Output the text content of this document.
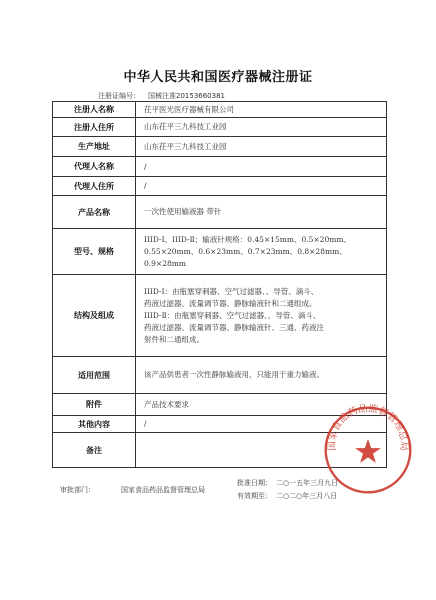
中华人民共和国医疗器械注册证
注册证编号： 国械注准20153660381
注册人名称	茌平医光医疗器械有限公司

注册人住所	山东茌平三九科技工业园

生产地址	山东茌平三九科技工业园

代理人名称	/

代理人住所	/

产品名称	一次性使用输液器 带针

型号、规格	IIID-Ⅰ、IIID-Ⅱ；输液针规格：0.45×15mm、0.5×20mm、
0.55×20mm、0.6×23mm、0.7×23mm、0.8×28mm、0.9×28mm

结构及组成	IIID-Ⅰ：由瓶塞穿刺器、空气过滤器、、导管、滴斗、
药液过滤器、流量调节器、静脉输液针和二通组成。
IIID-Ⅱ：由瓶塞穿刺器、空气过滤器、、导管、滴斗、
药液过滤器、流量调节器、静脉输液针、三通、药液注
射件和二通组成。

适用范围	该产品供患者一次性静脉输液用，只能用于重力输液。

附件	产品技术要求

其他内容	/

备注	
审批部门：	国家食品药品监督管理总局
批准日期： 二○一五年三月九日
有效期至： 二○二○年三月八日
国家食品药品监督管理总局
